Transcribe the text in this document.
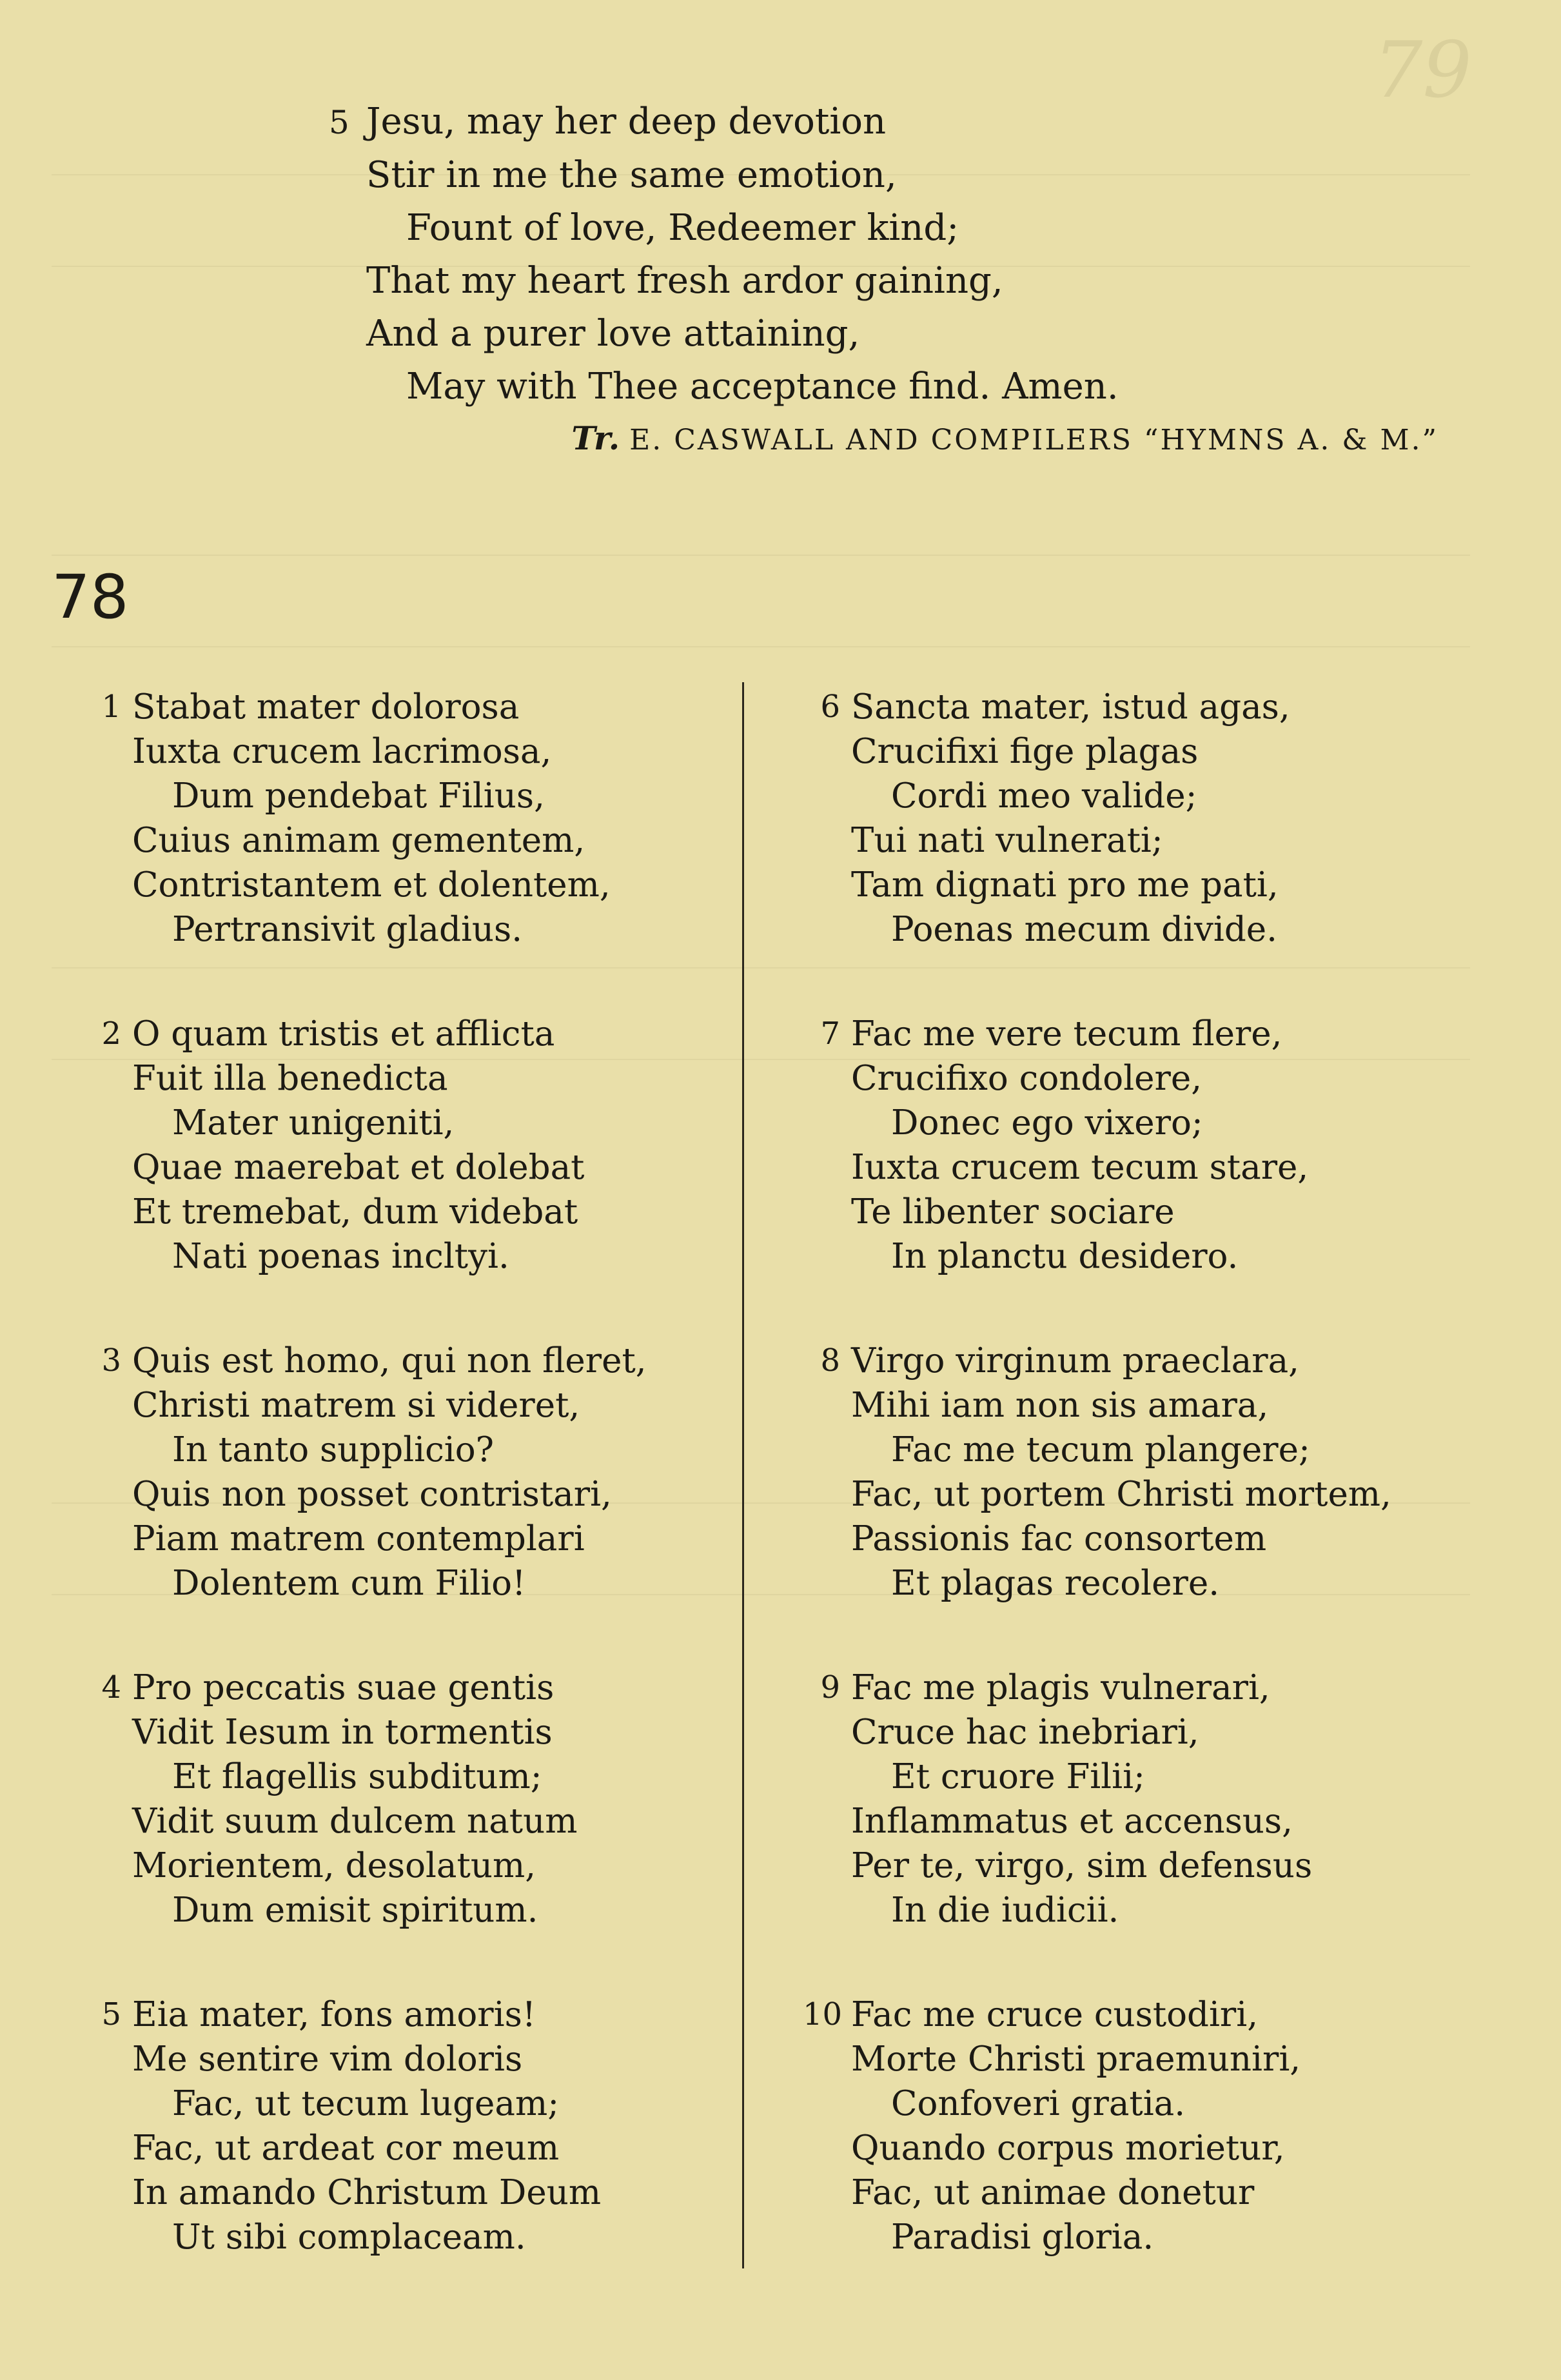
79
5 Jesu, may her deep devotion
Stir in me the same emotion,
Fount of love, Redeemer kind;
That my heart fresh ardor gaining,
And a purer love attaining,
May with Thee acceptance find. Amen.
Tr. E. CASWALL AND COMPILERS “HYMNS A. & M.”
78
1 Stabat mater dolorosa
Iuxta crucem lacrimosa,
Dum pendebat Filius,
Cuius animam gementem,
Contristantem et dolentem,
Pertransivit gladius.
2 O quam tristis et afflicta
Fuit illa benedicta
Mater unigeniti,
Quae maerebat et dolebat
Et tremebat, dum videbat
Nati poenas incltyi.
3 Quis est homo, qui non fleret,
Christi matrem si videret,
In tanto supplicio?
Quis non posset contristari,
Piam matrem contemplari
Dolentem cum Filio!
4 Pro peccatis suae gentis
Vidit Iesum in tormentis
Et flagellis subditum;
Vidit suum dulcem natum
Morientem, desolatum,
Dum emisit spiritum.
5 Eia mater, fons amoris!
Me sentire vim doloris
Fac, ut tecum lugeam;
Fac, ut ardeat cor meum
In amando Christum Deum
Ut sibi complaceam.
6 Sancta mater, istud agas,
Crucifixi fige plagas
Cordi meo valide;
Tui nati vulnerati;
Tam dignati pro me pati,
Poenas mecum divide.
7 Fac me vere tecum flere,
Crucifixo condolere,
Donec ego vixero;
Iuxta crucem tecum stare,
Te libenter sociare
In planctu desidero.
8 Virgo virginum praeclara,
Mihi iam non sis amara,
Fac me tecum plangere;
Fac, ut portem Christi mortem,
Passionis fac consortem
Et plagas recolere.
9 Fac me plagis vulnerari,
Cruce hac inebriari,
Et cruore Filii;
Inflammatus et accensus,
Per te, virgo, sim defensus
In die iudicii.
10 Fac me cruce custodiri,
Morte Christi praemuniri,
Confoveri gratia.
Quando corpus morietur,
Fac, ut animae donetur
Paradisi gloria.
